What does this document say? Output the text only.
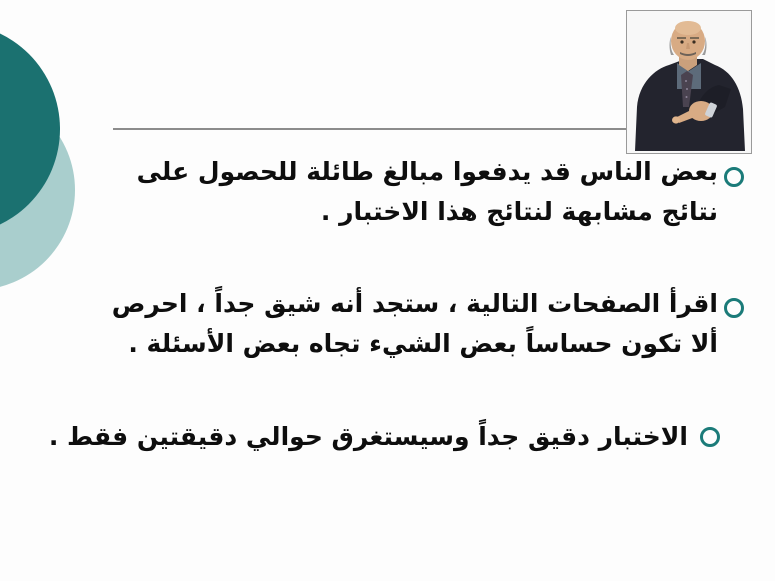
بعض الناس قد يدفعوا مبالغ طائلة للحصول على نتائج مشابهة لنتائج هذا الاختبار .
اقرأ الصفحات التالية ، ستجد أنه شيق جداً ، احرص ألا تكون حساساً بعض الشيء تجاه بعض الأسئلة .
الاختبار دقيق جداً وسيستغرق حوالي دقيقتين فقط .
